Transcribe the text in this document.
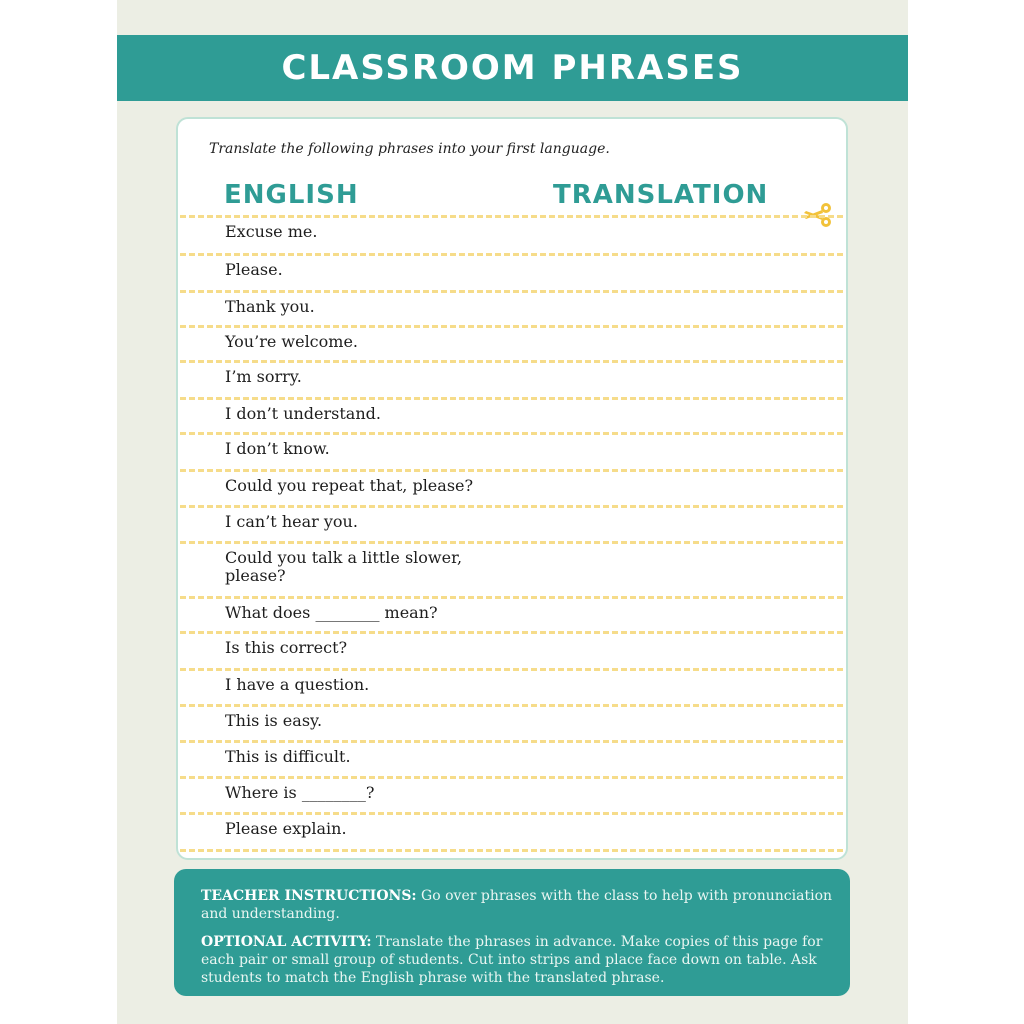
CLASSROOM PHRASES
Translate the following phrases into your first language.
ENGLISH	TRANSLATION
Excuse me.
Please.
Thank you.
You’re welcome.
I’m sorry.
I don’t understand.
I don’t know.
Could you repeat that, please?
I can’t hear you.
Could you talk a little slower,
please?
What does ________ mean?
Is this correct?
I have a question.
This is easy.
This is difficult.
Where is ________?
Please explain.
TEACHER INSTRUCTIONS: Go over phrases with the class to help with pronunciation and understanding.
OPTIONAL ACTIVITY: Translate the phrases in advance. Make copies of this page for each pair or small group of students. Cut into strips and place face down on table. Ask students to match the English phrase with the translated phrase.
